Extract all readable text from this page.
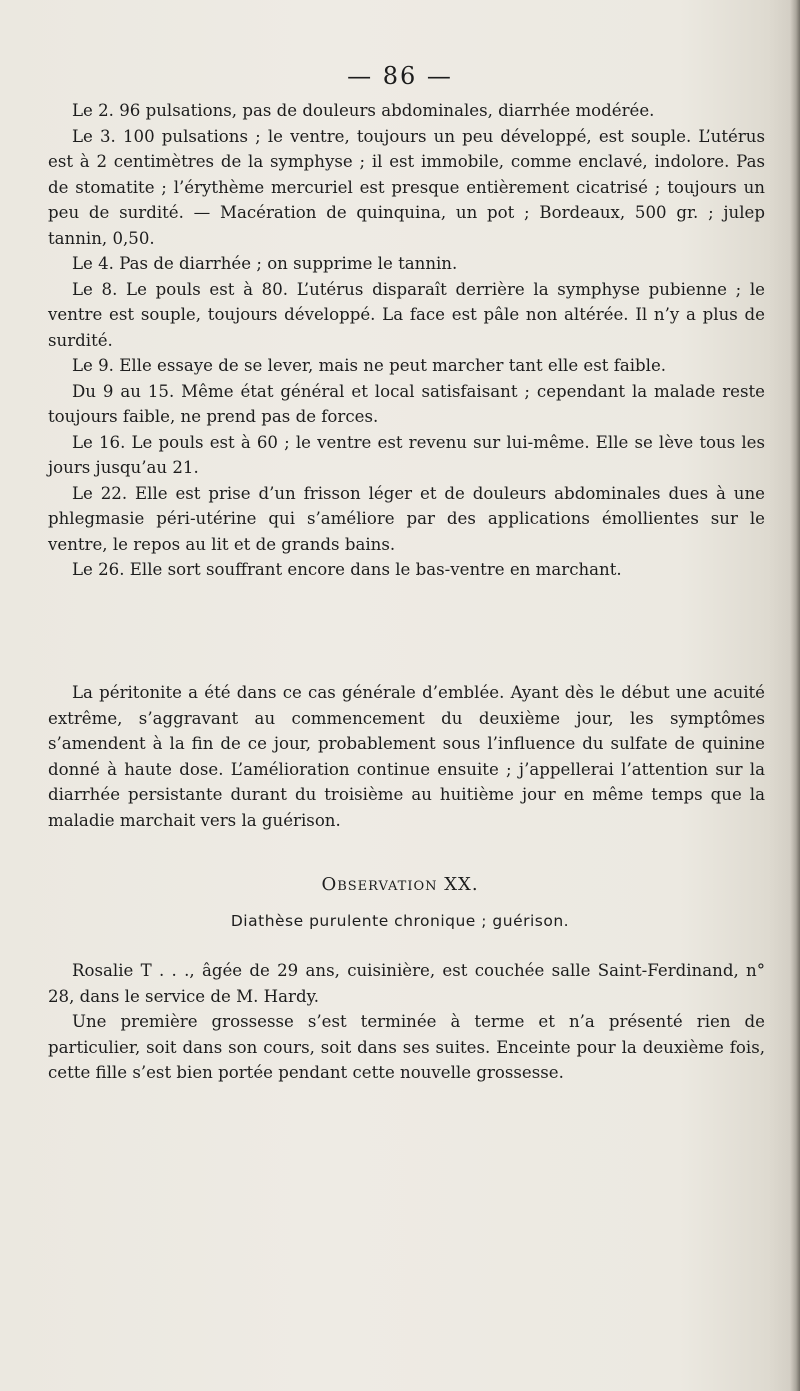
— 86 —

Le 2. 96 pulsations, pas de douleurs abdominales, diarrhée modérée.

Le 3. 100 pulsations ; le ventre, toujours un peu développé, est souple. L’utérus est à 2 centimètres de la symphyse ; il est immobile, comme enclavé, indolore. Pas de stomatite ; l’érythème mercuriel est presque entièrement cicatrisé ; toujours un peu de surdité. — Macération de quinquina, un pot ; Bordeaux, 500 gr. ; julep tannin, 0,50.

Le 4. Pas de diarrhée ; on supprime le tannin.

Le 8. Le pouls est à 80. L’utérus disparaît derrière la symphyse pubienne ; le ventre est souple, toujours développé. La face est pâle non altérée. Il n’y a plus de surdité.

Le 9. Elle essaye de se lever, mais ne peut marcher tant elle est faible.

Du 9 au 15. Même état général et local satisfaisant ; cependant la malade reste toujours faible, ne prend pas de forces.

Le 16. Le pouls est à 60 ; le ventre est revenu sur lui-même. Elle se lève tous les jours jusqu’au 21.

Le 22. Elle est prise d’un frisson léger et de douleurs abdominales dues à une phlegmasie péri-utérine qui s’améliore par des applications émollientes sur le ventre, le repos au lit et de grands bains.

Le 26. Elle sort souffrant encore dans le bas-ventre en marchant.

La péritonite a été dans ce cas générale d’emblée. Ayant dès le début une acuité extrême, s’aggravant au commencement du deuxième jour, les symptômes s’amendent à la fin de ce jour, probablement sous l’influence du sulfate de quinine donné à haute dose. L’amélioration continue ensuite ; j’appellerai l’attention sur la diarrhée persistante durant du troisième au huitième jour en même temps que la maladie marchait vers la guérison.

Observation XX.
Diathèse purulente chronique ; guérison.

Rosalie T . . ., âgée de 29 ans, cuisinière, est couchée salle Saint-Ferdinand, n° 28, dans le service de M. Hardy.

Une première grossesse s’est terminée à terme et n’a présenté rien de particulier, soit dans son cours, soit dans ses suites. Enceinte pour la deuxième fois, cette fille s’est bien portée pendant cette nouvelle grossesse.
